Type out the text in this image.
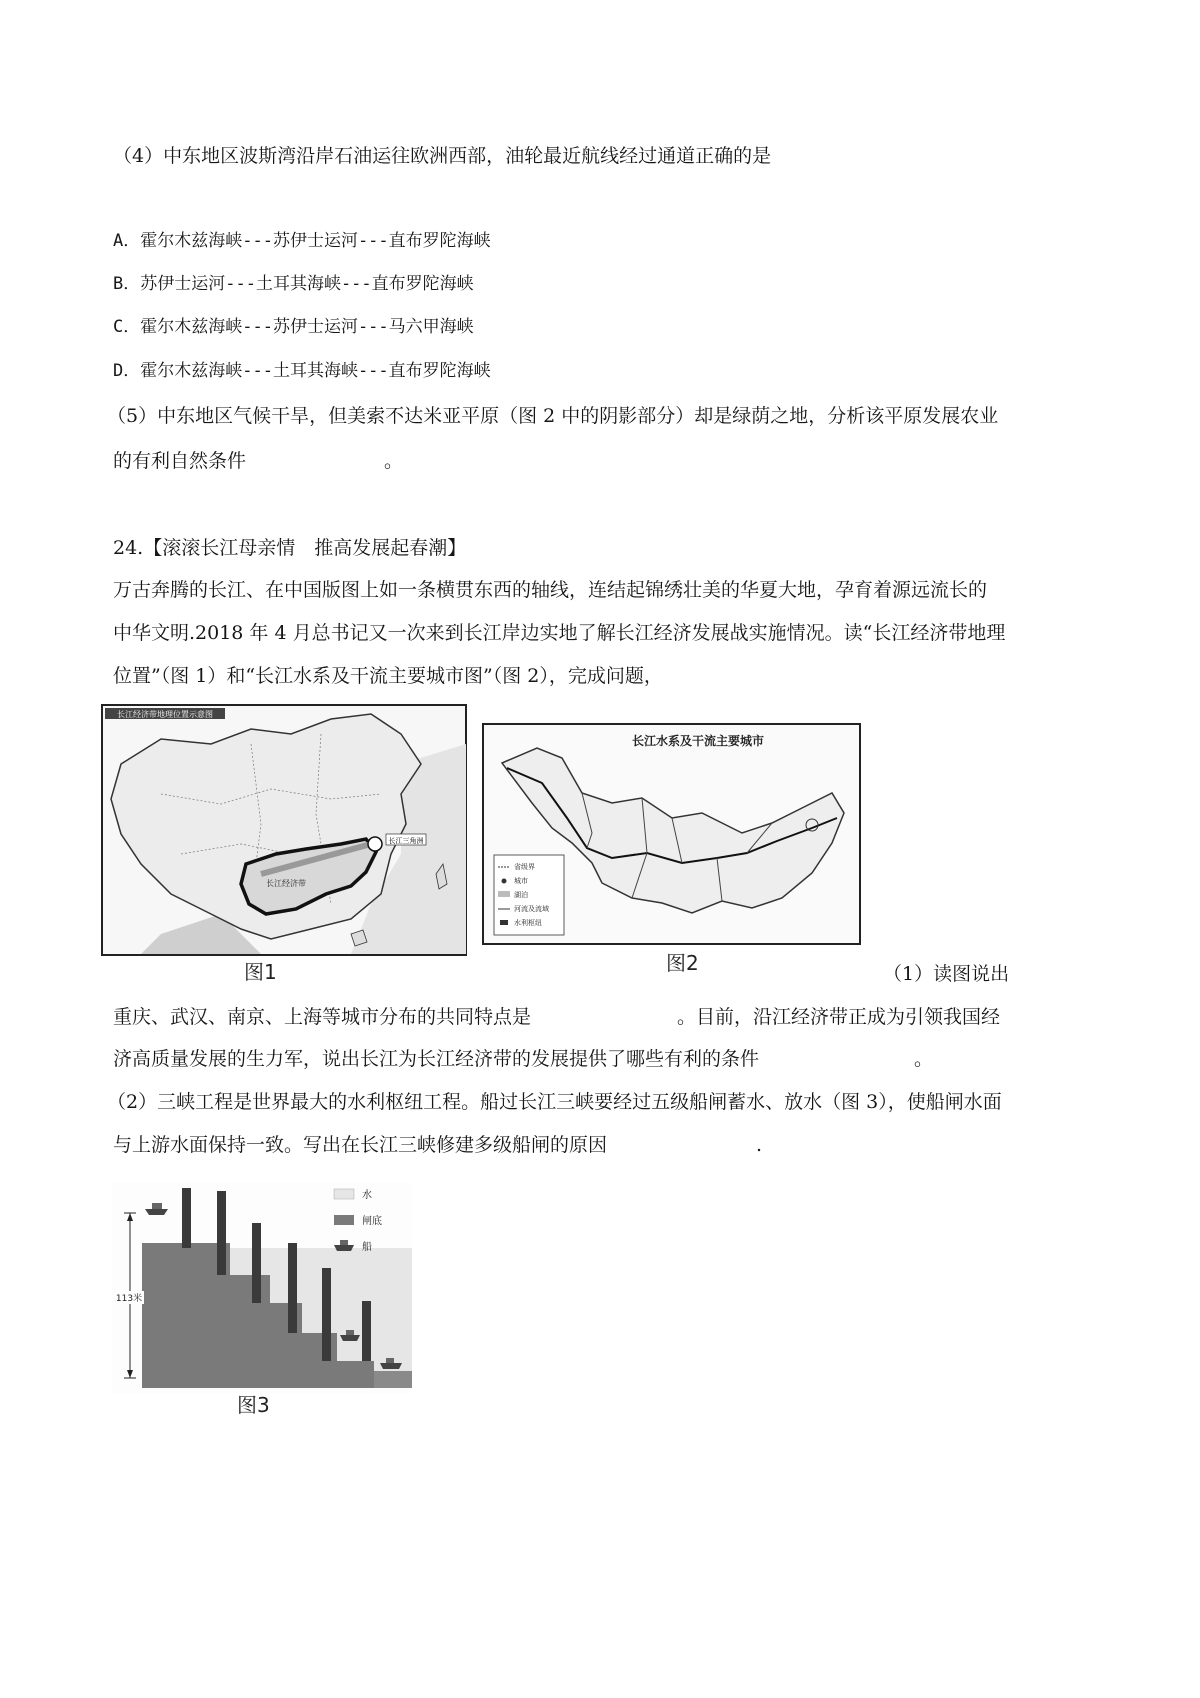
（4）中东地区波斯湾沿岸石油运往欧洲西部，油轮最近航线经过通道正确的是
A．霍尔木兹海峡---苏伊士运河---直布罗陀海峡
B．苏伊士运河---土耳其海峡---直布罗陀海峡
C．霍尔木兹海峡---苏伊士运河---马六甲海峡
D．霍尔木兹海峡---土耳其海峡---直布罗陀海峡
（5）中东地区气候干旱，但美索不达米亚平原（图 2 中的阴影部分）却是绿荫之地，分析该平原发展农业
的有利自然条件	。
24.【滚滚长江母亲情　推高发展起春潮】
万古奔腾的长江、在中国版图上如一条横贯东西的轴线，连结起锦绣壮美的华夏大地，孕育着源远流长的
中华文明.2018 年 4 月总书记又一次来到长江岸边实地了解长江经济发展战实施情况。读“长江经济带地理
位置”（图 1）和“长江水系及干流主要城市图”（图 2），完成问题，
长江经济带地理位置示意图
长江三角洲
长江经济带
图1
长江水系及干流主要城市
省级界
城市
湖泊
河流及流域
水利枢纽
图2	（1）读图说出
重庆、武汉、南京、上海等城市分布的共同特点是	。目前，沿江经济带正成为引领我国经
济高质量发展的生力军，说出长江为长江经济带的发展提供了哪些有利的条件	。
（2）三峡工程是世界最大的水利枢纽工程。船过长江三峡要经过五级船闸蓄水、放水（图 3），使船闸水面
与上游水面保持一致。写出在长江三峡修建多级船闸的原因	.
113米
水
闸底
船
图3
